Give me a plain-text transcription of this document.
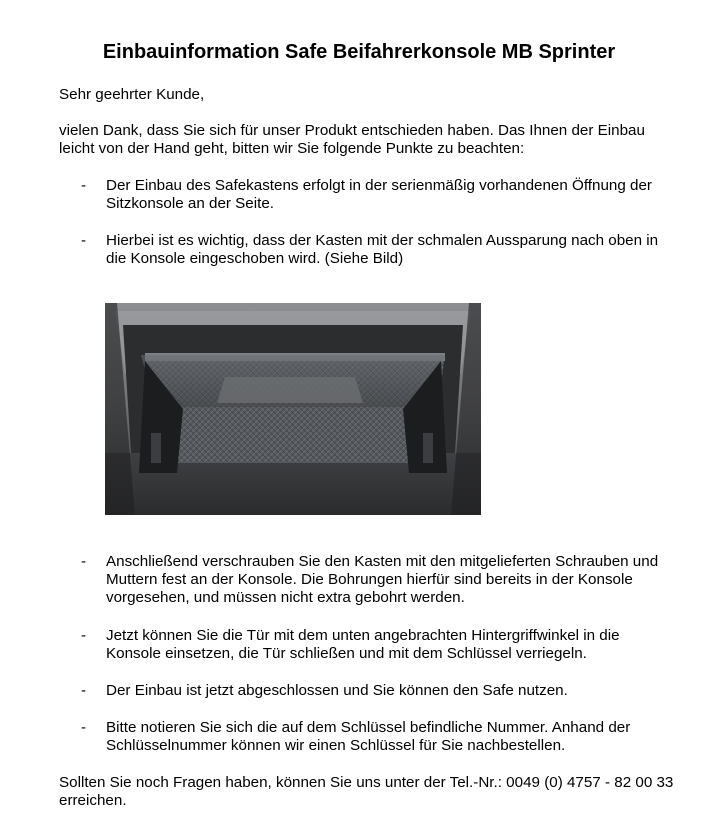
Einbauinformation Safe Beifahrerkonsole MB Sprinter

Sehr geehrter Kunde,

vielen Dank, dass Sie sich für unser Produkt entschieden haben. Das Ihnen der Einbau leicht von der Hand geht, bitten wir Sie folgende Punkte zu beachten:

- Der Einbau des Safekastens erfolgt in der serienmäßig vorhandenen Öffnung der Sitzkonsole an der Seite.
- Hierbei ist es wichtig, dass der Kasten mit der schmalen Aussparung nach oben in die Konsole eingeschoben wird. (Siehe Bild)
- Anschließend verschrauben Sie den Kasten mit den mitgelieferten Schrauben und Muttern fest an der Konsole. Die Bohrungen hierfür sind bereits in der Konsole vorgesehen, und müssen nicht extra gebohrt werden.
- Jetzt können Sie die Tür mit dem unten angebrachten Hintergriffwinkel in die Konsole einsetzen, die Tür schließen und mit dem Schlüssel verriegeln.
- Der Einbau ist jetzt abgeschlossen und Sie können den Safe nutzen.
- Bitte notieren Sie sich die auf dem Schlüssel befindliche Nummer. Anhand der Schlüsselnummer können wir einen Schlüssel für Sie nachbestellen.

Sollten Sie noch Fragen haben, können Sie uns unter der Tel.-Nr.: 0049 (0) 4757 - 82 00 33 erreichen.
